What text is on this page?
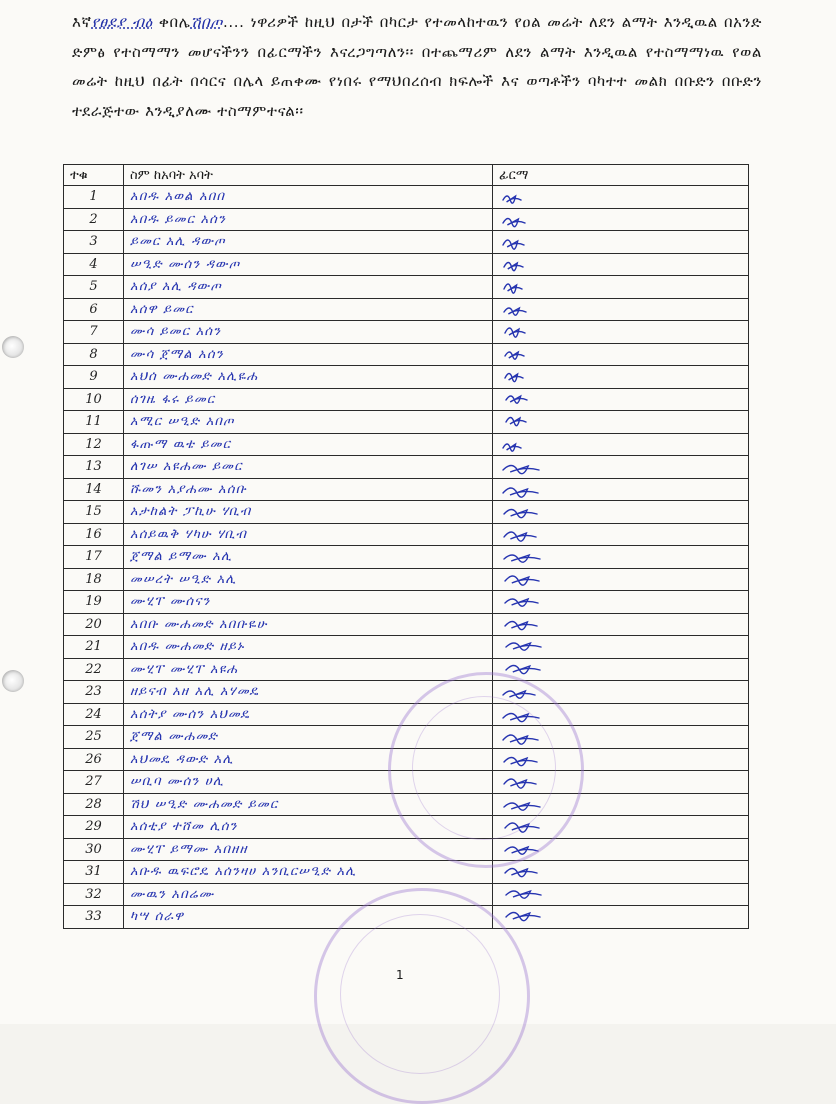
እኛየፀደያ ብዕ ቀበሌሽበጦ.... ነዋሪዎች ከዚህ በታች በካርታ የተመላከተዉን የዐል መሬት ለደን ልማት እንዲዉል በአንድ ድምፅ የተስማማን መሆናችንን በፊርማችን እናረጋግጣለን፡፡ በተጨማሪም ለደን ልማት እንዲዉል የተስማማነዉ የወል መሬት ከዚህ በፊት በሳርና በሌላ ይጠቀሙ የነበሩ የማህበረሰብ ክፍሎች እና ወጣቶችን ባካተተ መልክ በቡድን በቡድን ተደራጅተው እንዲያለሙ ተስማምተናል፡፡
ተቁ	ስም ከአባት አባት	ፊርማ
1	አበዱ አወል አበበ	

2	አበዱ ይመር አሰን	

3	ይመር አሊ ዳውጦ	

4	ሠዒድ ሙሰን ዳውጦ	

5	አሰያ አሊ ዳውጦ	

6	አሰዋ ይመር	

7	ሙሳ ይመር አሰን	

8	ሙሳ ጀማል አሰን	

9	አህሰ ሙሐመድ አሊዬሐ	

10	ሰገዜ ፋሩ ይመር	

11	አሚር ሠዒድ አበጦ	

12	ፋጡማ ዉቴ ይመር	

13	ለገሠ አዩሐሙ ይመር	

14	ሹመን አያሐሙ አሰቡ	

15	አታከልት ፓኪሁ ሃቢብ	

16	አሰይዉቅ ሃካሁ ሃቢብ	

17	ጀማል ይማሙ አሊ	

18	መሠረት ሠዒድ አሊ	

19	ሙሂፐ ሙሰናን	

20	አበቡ ሙሐመድ አበቡዬሁ	

21	አበዱ ሙሐመድ ዘይኑ	

22	ሙሂፐ ሙሂፐ አዩሐ	

23	ዘይናብ አዘ አሊ አሃመዴ	

24	አሰትያ ሙሰን አህመዴ	

25	ጀማል ሙሐመድ	

26	አህመዴ ዳውድ አሊ	

27	ሠቢባ ሙሰን ሀሊ	

28	ሽህ ሠዒድ ሙሐመድ ይመር	

29	አሰቲያ ተሸመ ሊሰን	

30	ሙሂፐ ይማሙ አበዘዘ	

31	አቡዱ ዉፍሮዴ አሰንዛሀ አንቢርሠዒድ አሊ	

32	ሙዉን አበሬሙ	

33	ካሣ ሰራዋ	
1
